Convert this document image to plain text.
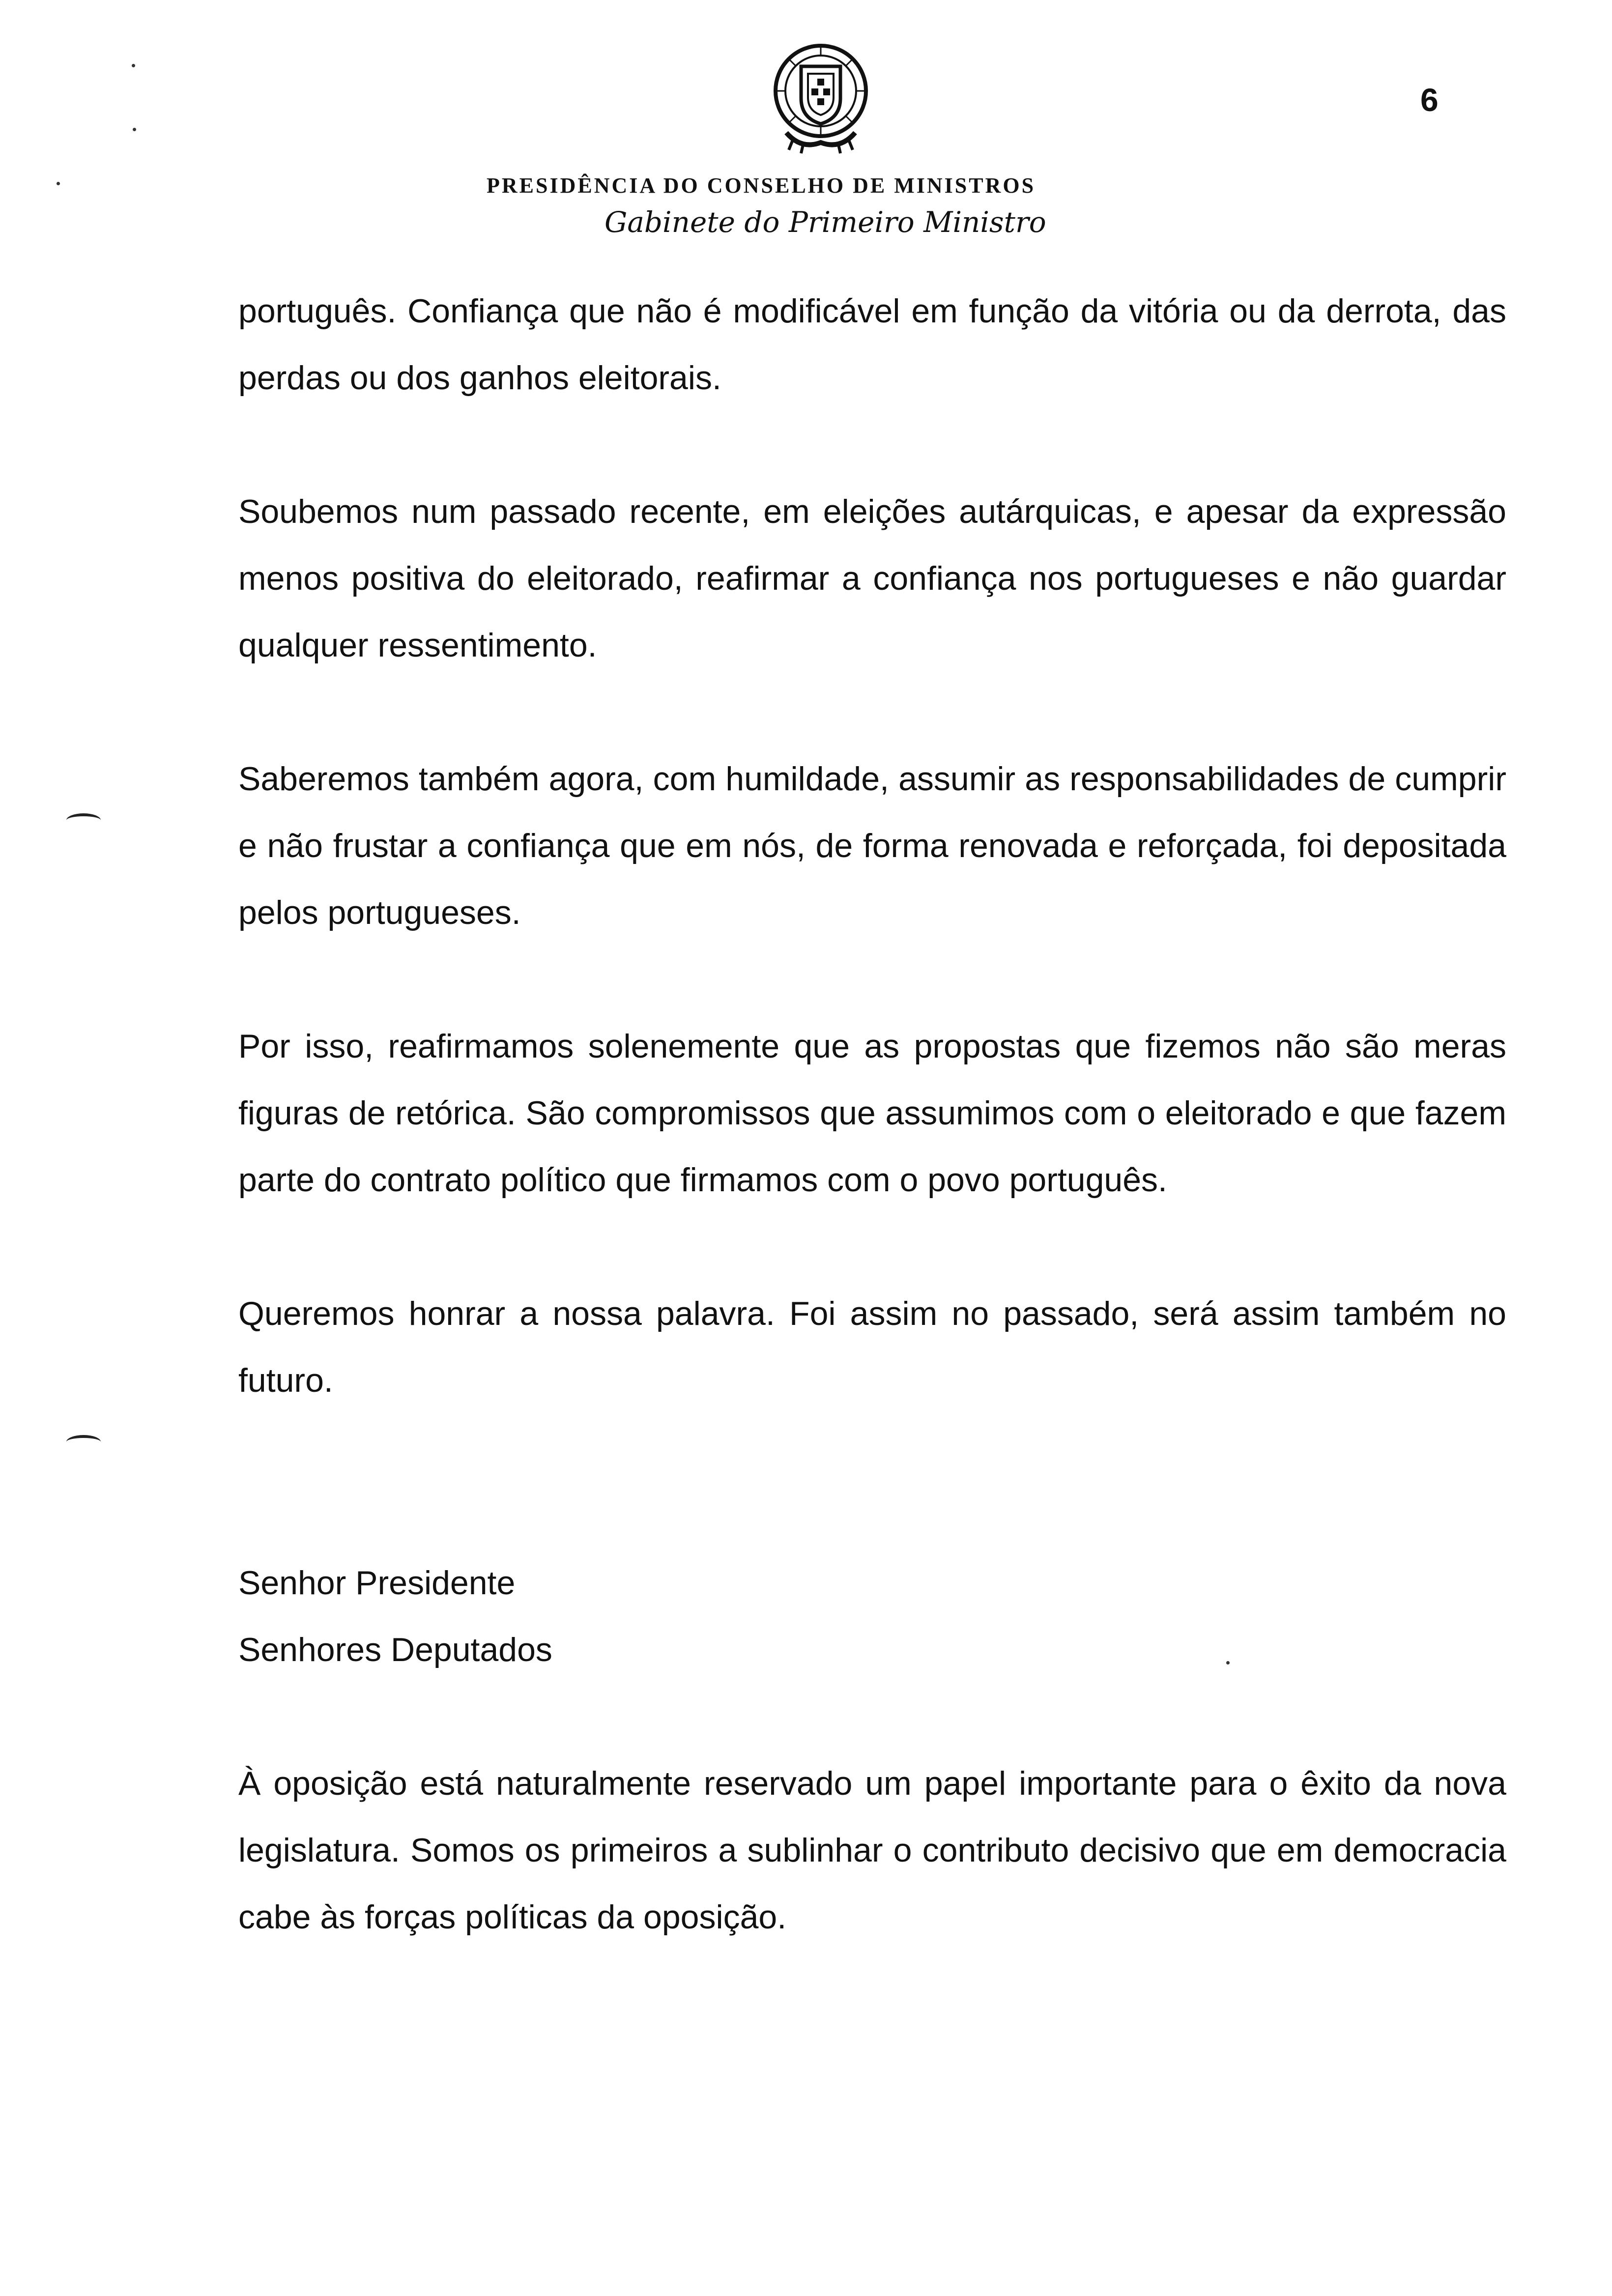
6
PRESIDÊNCIA DO CONSELHO DE MINISTROS
Gabinete do Primeiro Ministro

português. Confiança que não é modificável em função da vitória ou da derrota, das perdas ou dos ganhos eleitorais.

Soubemos num passado recente, em eleições autárquicas, e apesar da expressão menos positiva do eleitorado, reafirmar a confiança nos portugueses e não guardar qualquer ressentimento.

Saberemos também agora, com humildade, assumir as responsabilidades de cumprir e não frustar a confiança que em nós, de forma renovada e reforçada, foi depositada pelos portugueses.

Por isso, reafirmamos solenemente que as propostas que fizemos não são meras figuras de retórica. São compromissos que assumimos com o eleitorado e que fazem parte do contrato político que firmamos com o povo português.

Queremos honrar a nossa palavra. Foi assim no passado, será assim também no futuro.

Senhor Presidente
Senhores Deputados

À oposição está naturalmente reservado um papel importante para o êxito da nova legislatura. Somos os primeiros a sublinhar o contributo decisivo que em democracia cabe às forças políticas da oposição.
